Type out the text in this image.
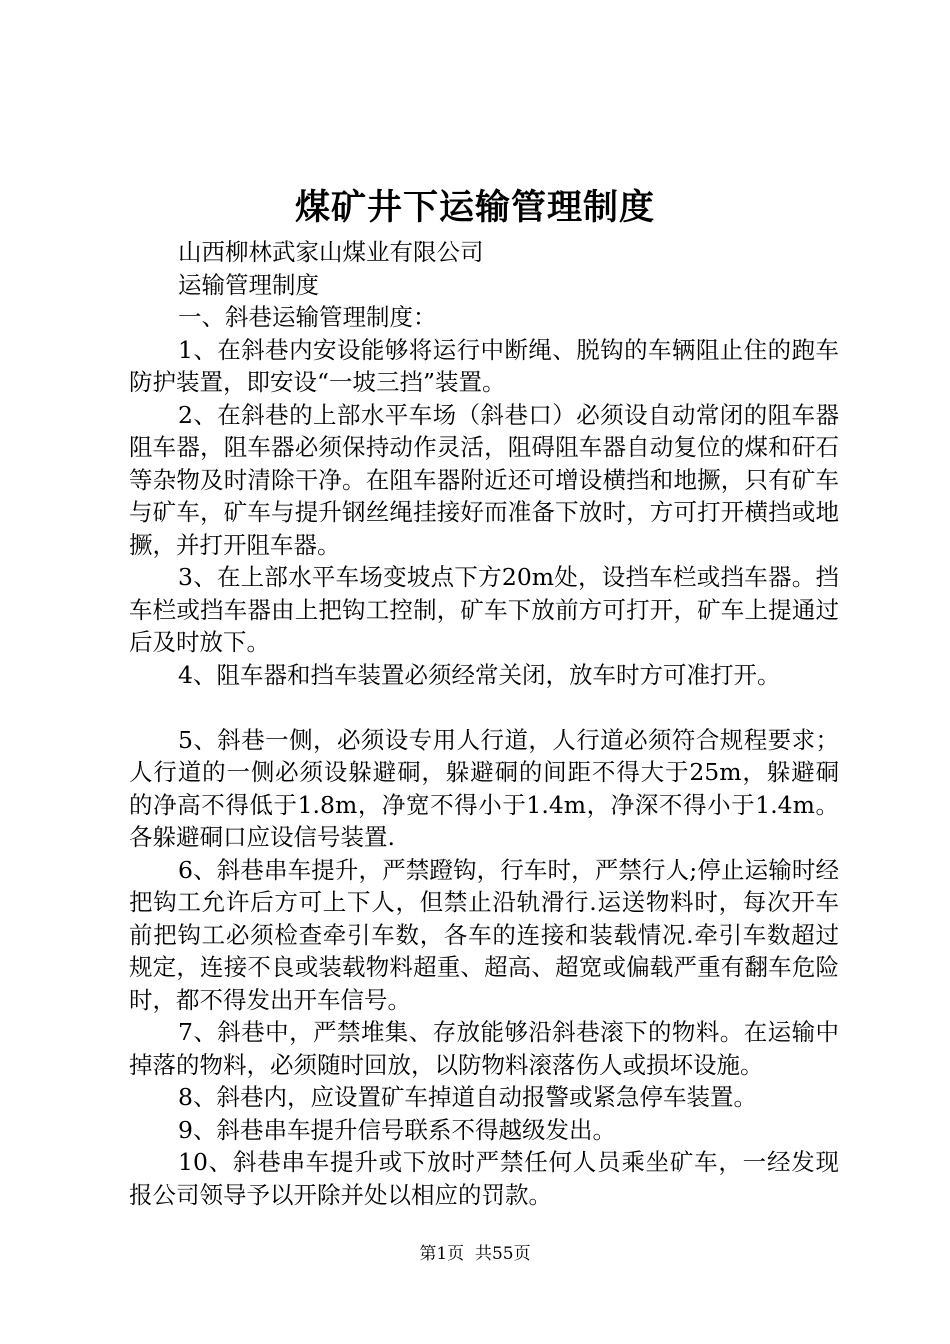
煤矿井下运输管理制度

山西柳林武家山煤业有限公司

运输管理制度

一、斜巷运输管理制度：

1、在斜巷内安设能够将运行中断绳、脱钩的车辆阻止住的跑车防护装置，即安设“一坡三挡”装置。

2、在斜巷的上部水平车场（斜巷口）必须设自动常闭的阻车器阻车器，阻车器必须保持动作灵活，阻碍阻车器自动复位的煤和矸石等杂物及时清除干净。在阻车器附近还可增设横挡和地撅，只有矿车与矿车，矿车与提升钢丝绳挂接好而准备下放时，方可打开横挡或地撅，并打开阻车器。

3、在上部水平车场变坡点下方20m处，设挡车栏或挡车器。挡车栏或挡车器由上把钩工控制，矿车下放前方可打开，矿车上提通过后及时放下。

4、阻车器和挡车装置必须经常关闭，放车时方可准打开。

5、斜巷一侧，必须设专用人行道，人行道必须符合规程要求；人行道的一侧必须设躲避硐，躲避硐的间距不得大于25m，躲避硐的净高不得低于1.8m，净宽不得小于1.4m，净深不得小于1.4m。各躲避硐口应设信号装置.

6、斜巷串车提升，严禁蹬钩，行车时，严禁行人;停止运输时经把钩工允许后方可上下人，但禁止沿轨滑行.运送物料时，每次开车前把钩工必须检查牵引车数，各车的连接和装载情况.牵引车数超过规定，连接不良或装载物料超重、超高、超宽或偏载严重有翻车危险时，都不得发出开车信号。

7、斜巷中，严禁堆集、存放能够沿斜巷滚下的物料。在运输中掉落的物料，必须随时回放，以防物料滚落伤人或损坏设施。

8、斜巷内，应设置矿车掉道自动报警或紧急停车装置。

9、斜巷串车提升信号联系不得越级发出。

10、斜巷串车提升或下放时严禁任何人员乘坐矿车，一经发现报公司领导予以开除并处以相应的罚款。

第1页  共55页
